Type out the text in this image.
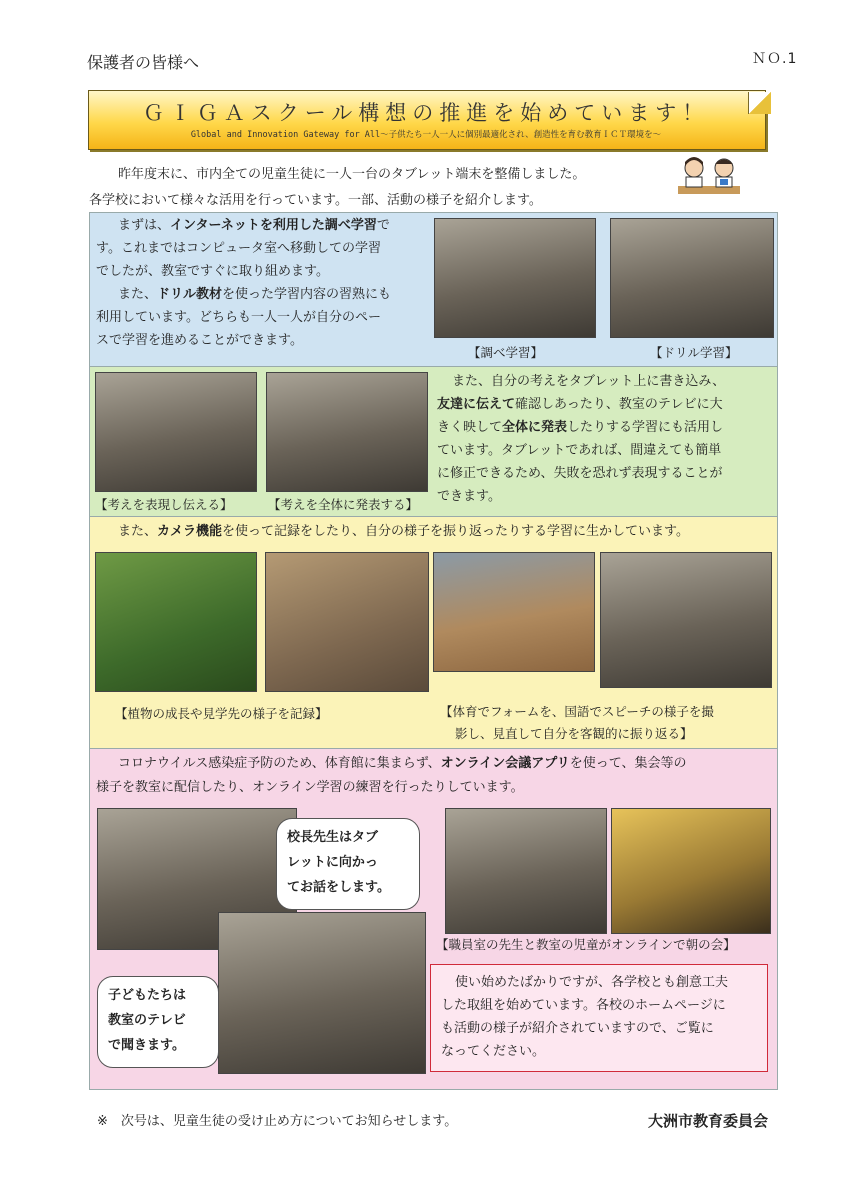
保護者の皆様へ	ＮＯ.1
ＧＩＧＡスクール構想の推進を始めています！
Global and Innovation Gateway for All～子供たち一人一人に個別最適化され、創造性を育む教育ＩＣＴ環境を～
昨年度末に、市内全ての児童生徒に一人一台のタブレット端末を整備しました。
各学校において様々な活用を行っています。一部、活動の様子を紹介します。
まずは、インターネットを利用した調べ学習で
す。これまではコンピュータ室へ移動しての学習
でしたが、教室ですぐに取り組めます。
また、ドリル教材を使った学習内容の習熟にも
利用しています。どちらも一人一人が自分のペー
スで学習を進めることができます。
【調べ学習】	【ドリル学習】
【考えを表現し伝える】	【考えを全体に発表する】
また、自分の考えをタブレット上に書き込み、
友達に伝えて確認しあったり、教室のテレビに大
きく映して全体に発表したりする学習にも活用し
ています。タブレットであれば、間違えても簡単
に修正できるため、失敗を恐れず表現することが
できます。
また、カメラ機能を使って記録をしたり、自分の様子を振り返ったりする学習に生かしています。
【植物の成長や見学先の様子を記録】	【体育でフォームを、国語でスピーチの様子を撮
影し、見直して自分を客観的に振り返る】
コロナウイルス感染症予防のため、体育館に集まらず、オンライン会議アプリを使って、集会等の
様子を教室に配信したり、オンライン学習の練習を行ったりしています。
【職員室の先生と教室の児童がオンラインで朝の会】
校長先生はタブ
レットに向かっ
てお話をします。
子どもたちは
教室のテレビ
で聞きます。
使い始めたばかりですが、各学校とも創意工夫
した取組を始めています。各校のホームページに
も活動の様子が紹介されていますので、ご覧に
なってください。
※　次号は、児童生徒の受け止め方についてお知らせします。	大洲市教育委員会
